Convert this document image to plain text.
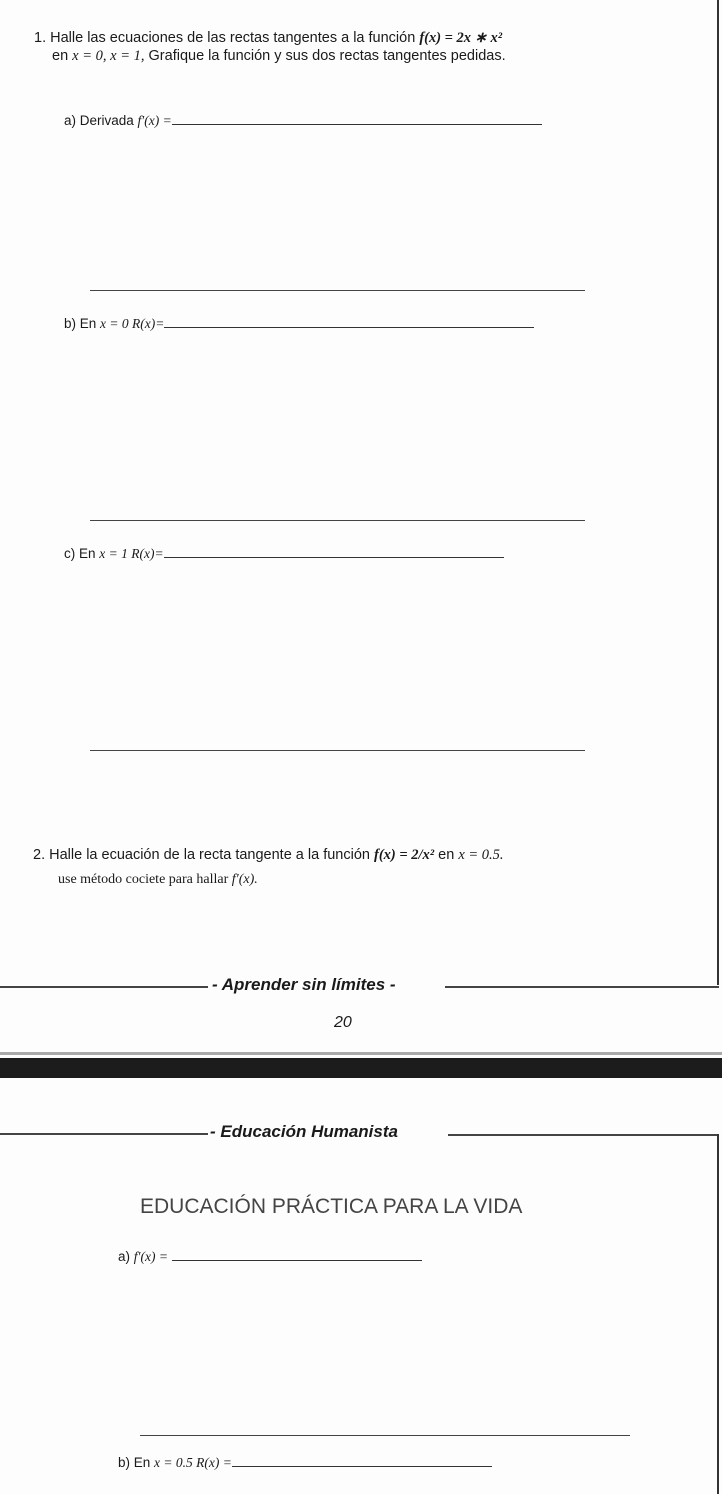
1. Halle las ecuaciones de las rectas tangentes a la función f(x) = 2x ∗ x²
en x = 0, x = 1, Grafique la función y sus dos rectas tangentes pedidas.
a) Derivada f′(x) =
b) En x = 0 R(x)=
c) En x = 1 R(x)=
2. Halle la ecuación de la recta tangente a la función f(x) = 2/x² en x = 0.5.
use método cociete para hallar f′(x).
- Aprender sin límites -
20
- Educación Humanista
EDUCACIÓN PRÁCTICA PARA LA VIDA
a) f′(x) =
b) En x = 0.5 R(x) =
